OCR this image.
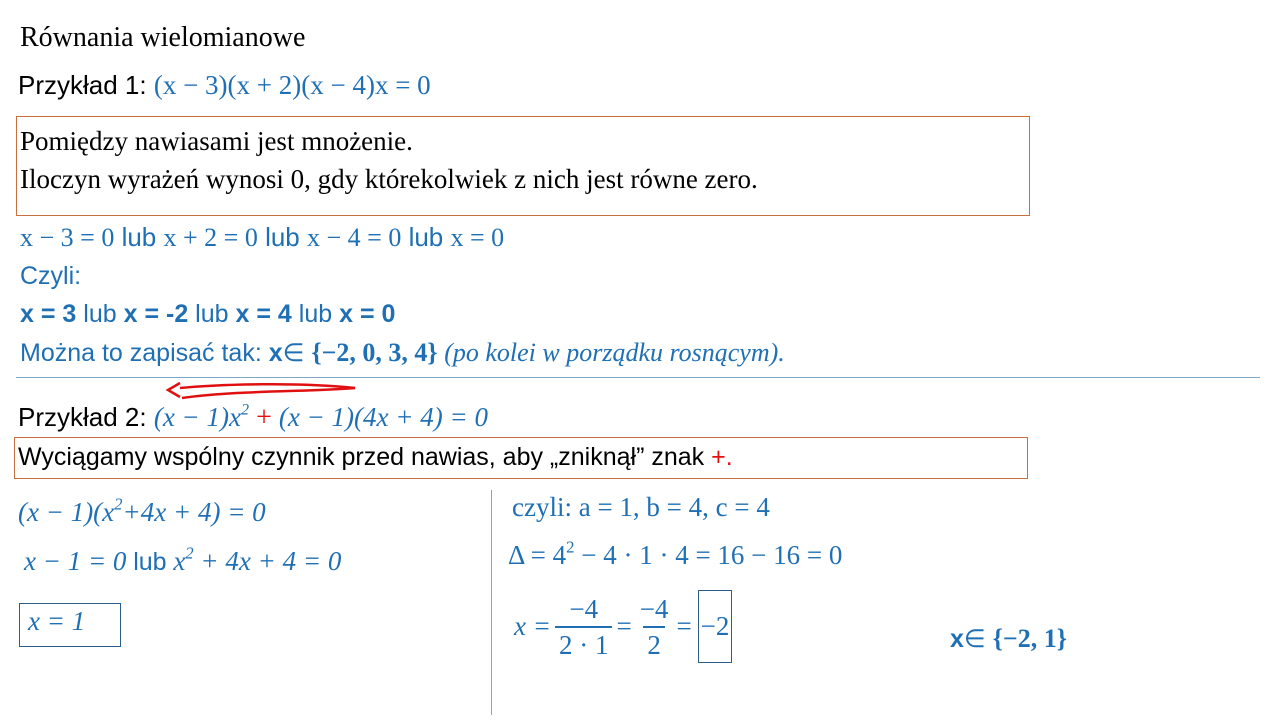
Równania wielomianowe
Przykład 1: (x − 3)(x + 2)(x − 4)x = 0
Pomiędzy nawiasami jest mnożenie.
Iloczyn wyrażeń wynosi 0, gdy którekolwiek z nich jest równe zero.
x − 3 = 0 lub x + 2 = 0 lub x − 4 = 0 lub x = 0
Czyli:
x = 3 lub x = -2 lub x = 4 lub x = 0
Można to zapisać tak: x∈ {−2, 0, 3, 4} (po kolei w porządku rosnącym).
Przykład 2: $(x - 1)x^2 + (x - 1)(4x + 4) = 0$
Wyciągamy wspólny czynnik przed nawias, aby „zniknął” znak +.
$(x - 1)(x^2+4x + 4) = 0$
x − 1 = 0 lub $x^2 + 4x + 4 = 0$
x = 1
czyli: a = 1, b = 4, c = 4
$\Delta = 4^2 - 4 \cdot 1 \cdot 4 = 16 - 16 = 0$
$x = \frac{-4}{2 \cdot 1} = \frac{-4}{2} = -2$	x∈ {−2, 1}
